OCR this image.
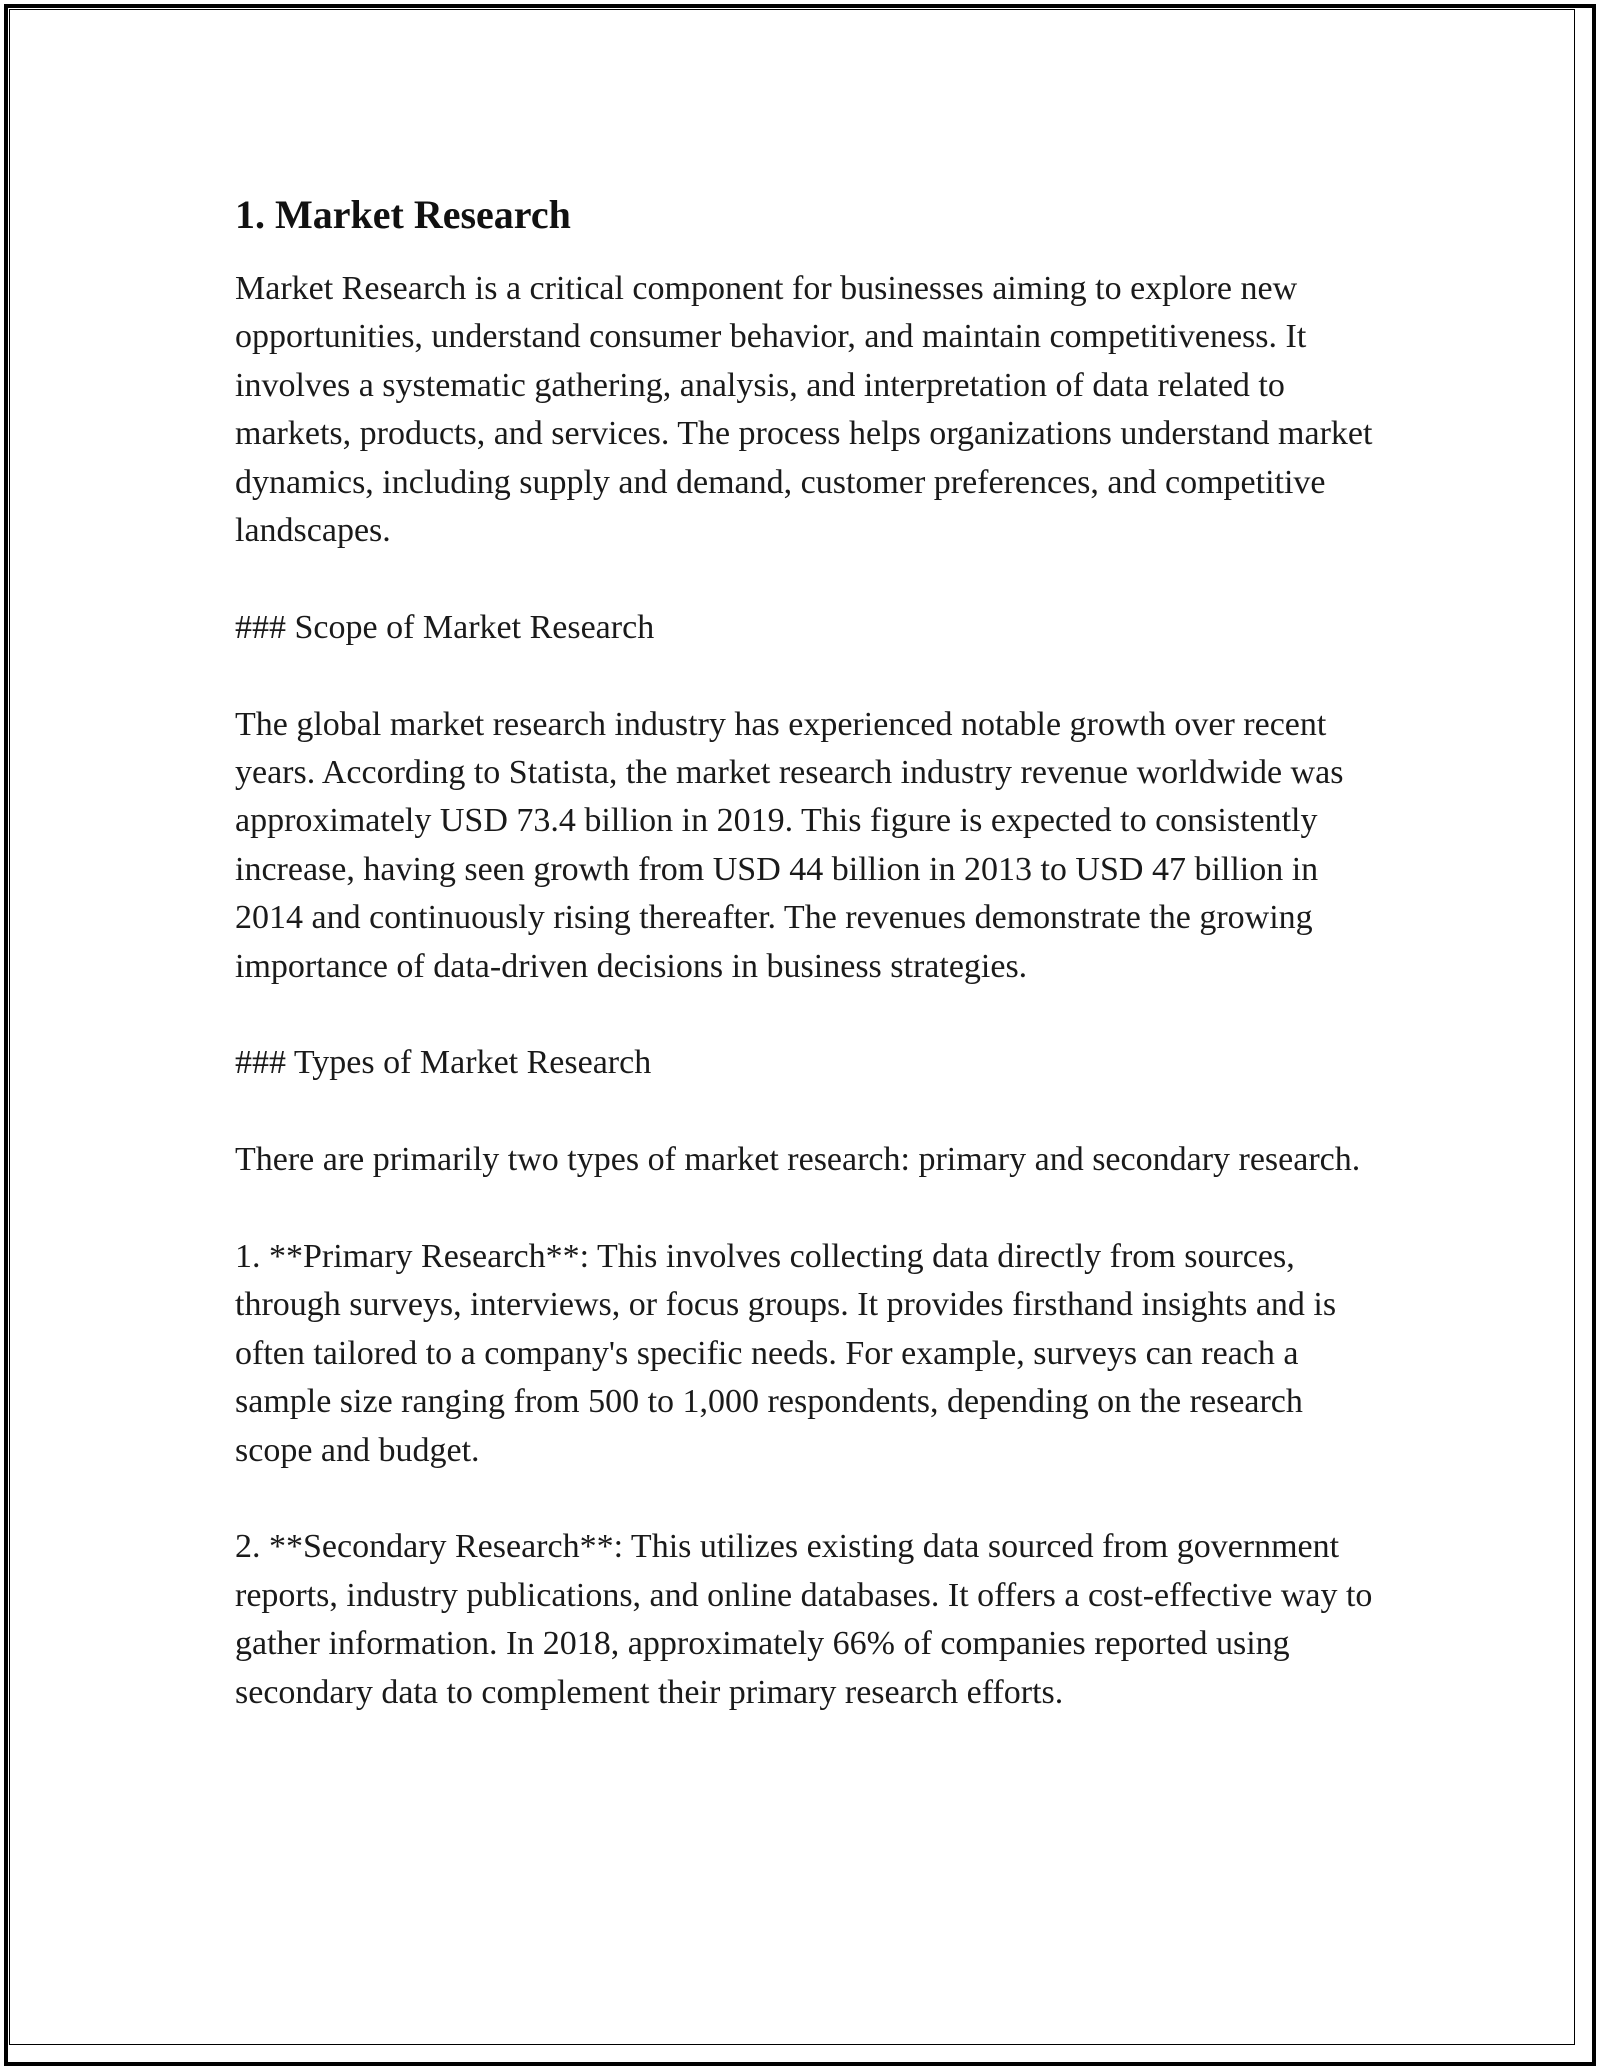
1. Market Research

Market Research is a critical component for businesses aiming to explore new opportunities, understand consumer behavior, and maintain competitiveness. It involves a systematic gathering, analysis, and interpretation of data related to markets, products, and services. The process helps organizations understand market dynamics, including supply and demand, customer preferences, and competitive landscapes.

### Scope of Market Research

The global market research industry has experienced notable growth over recent years. According to Statista, the market research industry revenue worldwide was approximately USD 73.4 billion in 2019. This figure is expected to consistently increase, having seen growth from USD 44 billion in 2013 to USD 47 billion in 2014 and continuously rising thereafter. The revenues demonstrate the growing importance of data-driven decisions in business strategies.

### Types of Market Research

There are primarily two types of market research: primary and secondary research.

1. **Primary Research**: This involves collecting data directly from sources, through surveys, interviews, or focus groups. It provides firsthand insights and is often tailored to a company's specific needs. For example, surveys can reach a sample size ranging from 500 to 1,000 respondents, depending on the research scope and budget.

2. **Secondary Research**: This utilizes existing data sourced from government reports, industry publications, and online databases. It offers a cost-effective way to gather information. In 2018, approximately 66% of companies reported using secondary data to complement their primary research efforts.
